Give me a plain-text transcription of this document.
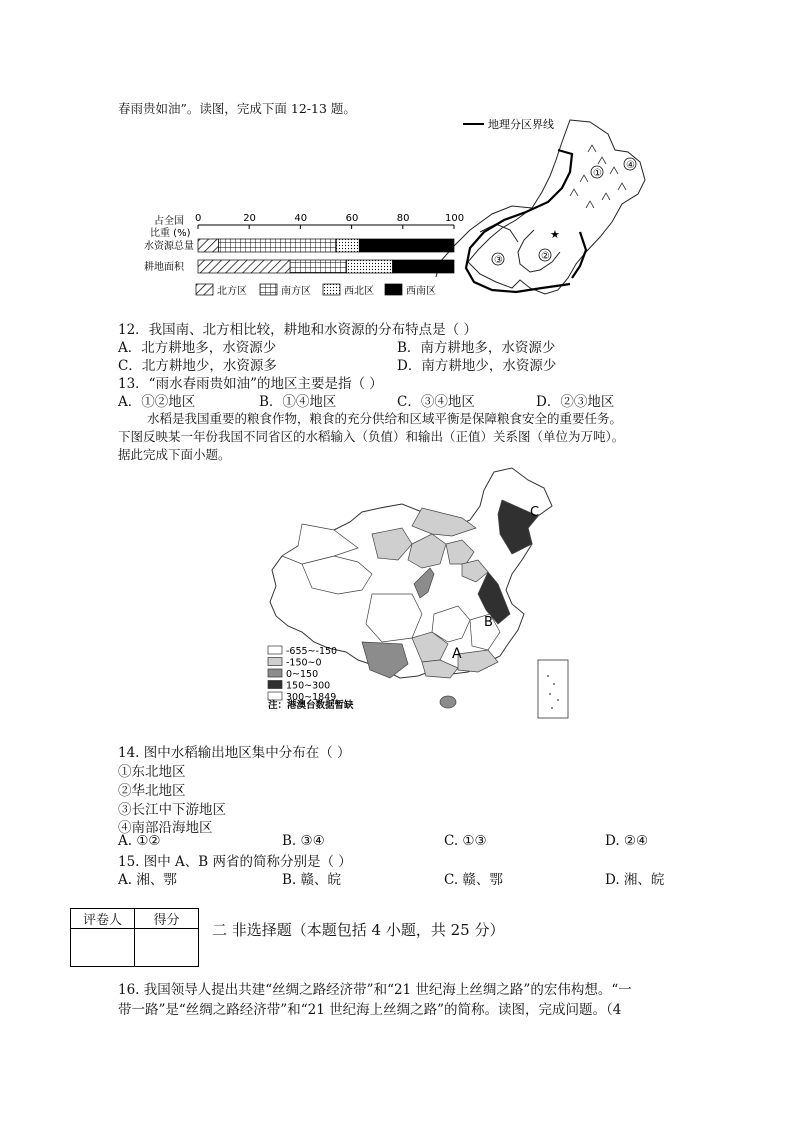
春雨贵如油”。读图，完成下面 12-13 题。
地理分区界线
①
②
③
④
★
占全国
比重 (%)
0	20	40	60	80	100
水资源总量
耕地面积
北方区	南方区	西北区	西南区
12．我国南、北方相比较，耕地和水资源的分布特点是（ ）
A．北方耕地多，水资源少	B．南方耕地多，水资源少
C．北方耕地少，水资源多	D．南方耕地少，水资源少
13．“雨水春雨贵如油”的地区主要是指（ ）
A．①②地区	B．①④地区	C．③④地区	D．②③地区
水稻是我国重要的粮食作物，粮食的充分供给和区域平衡是保障粮食安全的重要任务。
下图反映某一年份我国不同省区的水稻输入（负值）和输出（正值）关系图（单位为万吨）。
据此完成下面小题。
A
B
C
-655~-150
-150~0
0~150
150~300
300~1849
注：港澳台数据暂缺
14. 图中水稻输出地区集中分布在（ ）
①东北地区
②华北地区
③长江中下游地区
④南部沿海地区
A. ①②	B. ③④	C. ①③	D. ②④
15. 图中 A、B 两省的简称分别是（ ）
A. 湘、鄂	B. 赣、皖	C. 赣、鄂	D. 湘、皖
评卷人	得分

二 非选择题（本题包括 4 小题，共 25 分）
16. 我国领导人提出共建“丝绸之路经济带”和“21 世纪海上丝绸之路”的宏伟构想。“一
带一路”是“丝绸之路经济带”和“21 世纪海上丝绸之路”的简称。读图，完成问题。（4
